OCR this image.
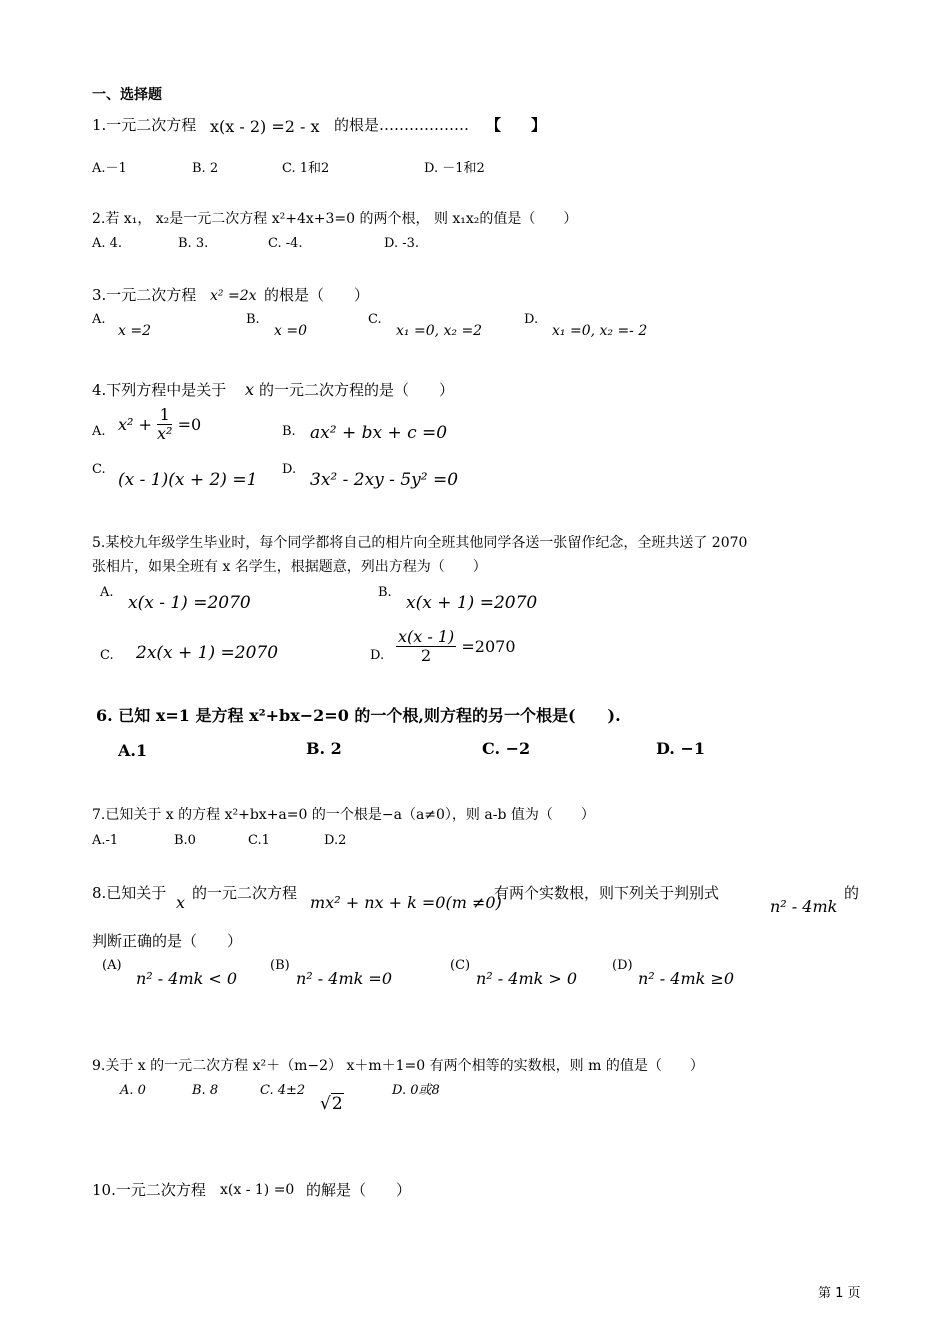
一、选择题
1.一元二次方程 x(x - 2) =2 - x 的根是……………… 【　　】
A.－1	B. 2	C. 1和2	D. －1和2
2.若 x₁， x₂是一元二次方程 x²+4x+3=0 的两个根， 则 x₁x₂的值是（　　）
A. 4.	B. 3.	C. -4.	D. -3.
3.一元二次方程 x² =2x 的根是（　　）
A.
x =2
B.
x =0
C.
x₁ =0, x₂ =2
D.
x₁ =0, x₂ =- 2
4.下列方程中是关于 x 的一元二次方程的是（　　）
A. $x^2 + \frac{1}{\text{x²}} =0$	B. ax² + bx + c =0
C.
(x - 1)(x + 2) =1
D.
3x² - 2xy - 5y² =0
5.某校九年级学生毕业时，每个同学都将自己的相片向全班其他同学各送一张留作纪念，全班共送了 2070
张相片，如果全班有 x 名学生，根据题意，列出方程为（　　）
A.
x(x - 1) =2070
B.
x(x + 1) =2070
C. 2x(x + 1) =2070	D. $\frac{x(x - 1)}{2} =2070$
6. 已知 x=1 是方程 x²+bx−2=0 的一个根,则方程的另一个根是(　　).
A.1	B. 2	C. −2	D. −1
7.已知关于 x 的方程 x²+bx+a=0 的一个根是−a（a≠0），则 a-b 值为（　　）
A.-1	B.0	C.1	D.2
8.已知关于 x 的一元二次方程 mx² + nx + k =0(m ≠0)
有两个实数根，则下列关于判别式
n² - 4mk
的
判断正确的是（　　）
(A)
n² - 4mk < 0
(B)
n² - 4mk =0
(C)
n² - 4mk > 0
(D)
n² - 4mk ≥0
9.关于 x 的一元二次方程 x²＋（m−2） x＋m＋1=0 有两个相等的实数根，则 m 的值是（　　）
A. 0	B. 8	C. 4±2
√2
D. 0或8
10.一元二次方程 x(x - 1) =0 的解是（　　）
第 1 页
